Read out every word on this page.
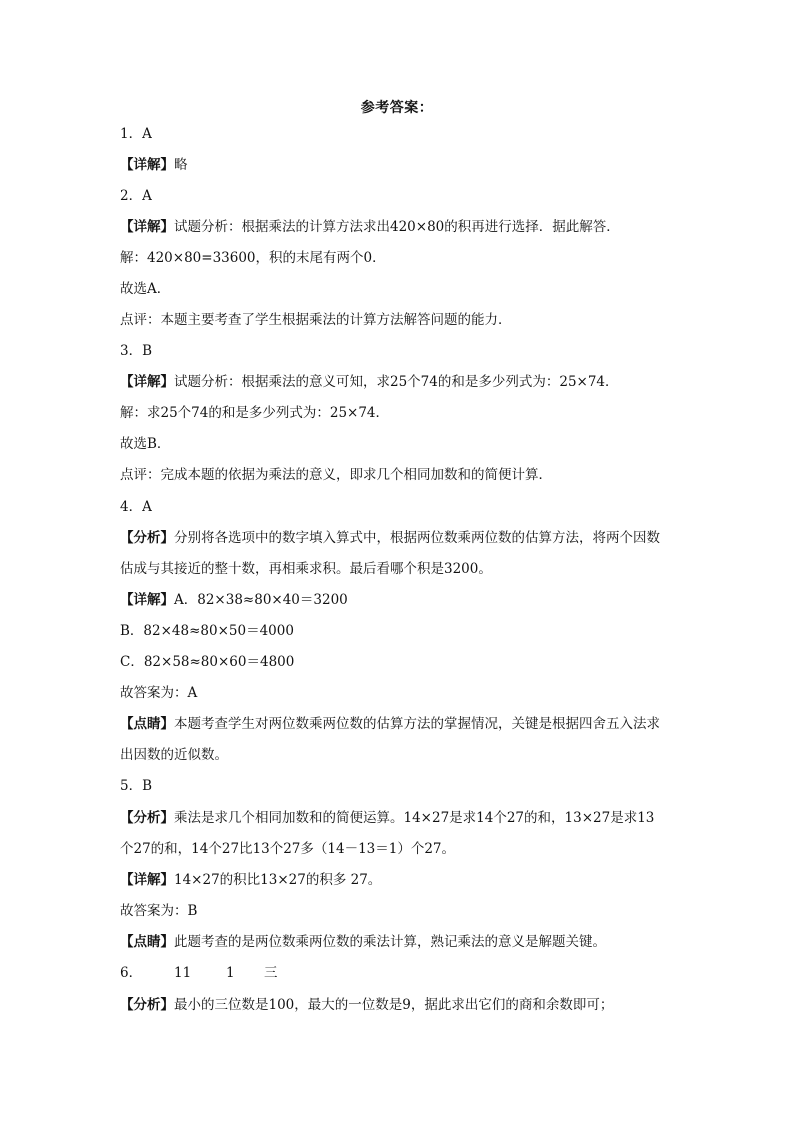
参考答案：
1．A
【详解】略
2．A
【详解】试题分析：根据乘法的计算方法求出420×80的积再进行选择．据此解答．
解：420×80=33600，积的末尾有两个0．
故选A．
点评：本题主要考查了学生根据乘法的计算方法解答问题的能力．
3．B
【详解】试题分析：根据乘法的意义可知，求25个74的和是多少列式为：25×74．
解：求25个74的和是多少列式为：25×74．
故选B．
点评：完成本题的依据为乘法的意义，即求几个相同加数和的简便计算．
4．A
【分析】分别将各选项中的数字填入算式中，根据两位数乘两位数的估算方法，将两个因数
估成与其接近的整十数，再相乘求积。最后看哪个积是3200。
【详解】A．82×38≈80×40＝3200
B．82×48≈80×50＝4000
C．82×58≈80×60＝4800
故答案为：A
【点睛】本题考查学生对两位数乘两位数的估算方法的掌握情况，关键是根据四舍五入法求
出因数的近似数。
5．B
【分析】乘法是求几个相同加数和的简便运算。14×27是求14个27的和，13×27是求13
个27的和，14个27比13个27多（14－13＝1）个27。
【详解】14×27的积比13×27的积多 27。
故答案为：B
【点睛】此题考查的是两位数乘两位数的乘法计算，熟记乘法的意义是解题关键。
6． 11	1 三
【分析】最小的三位数是100，最大的一位数是9，据此求出它们的商和余数即可；
